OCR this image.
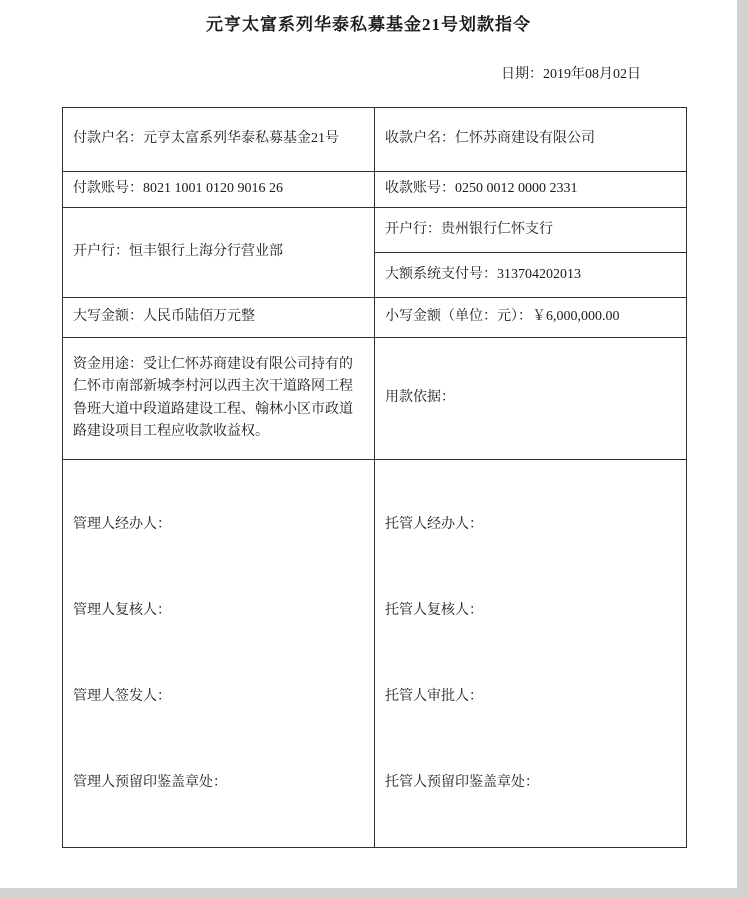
元亨太富系列华泰私募基金21号划款指令
日期：2019年08月02日
付款户名：元亨太富系列华泰私募基金21号	收款户名：仁怀苏商建设有限公司
付款账号：8021 1001 0120 9016 26	收款账号：0250 0012 0000 2331
开户行：恒丰银行上海分行营业部	开户行：贵州银行仁怀支行
	大额系统支付号：313704202013
大写金额：人民币陆佰万元整	小写金额（单位：元）：￥6,000,000.00
资金用途：受让仁怀苏商建设有限公司持有的仁怀市南部新城李村河以西主次干道路网工程鲁班大道中段道路建设工程、翰林小区市政道路建设项目工程应收款收益权。	用款依据：

管理人经办人：
管理人复核人：
管理人签发人：
管理人预留印鉴盖章处：

托管人经办人：
托管人复核人：
托管人审批人：
托管人预留印鉴盖章处：
